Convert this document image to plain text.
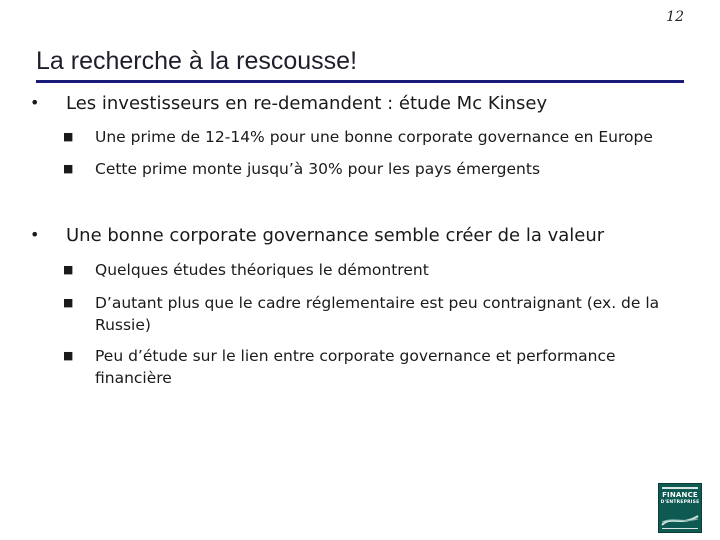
12
La recherche à la rescousse!
• Les investisseurs en re-demandent : étude Mc Kinsey
■ Une prime de 12-14% pour une bonne corporate governance en Europe
■ Cette prime monte jusqu’à 30% pour les pays émergents
• Une bonne corporate governance semble créer de la valeur
■ Quelques études théoriques le démontrent
■ D’autant plus que le cadre réglementaire est peu contraignant (ex. de la Russie)
■ Peu d’étude sur le lien entre corporate governance et performance financière
FINANCE
D'ENTREPRISE
